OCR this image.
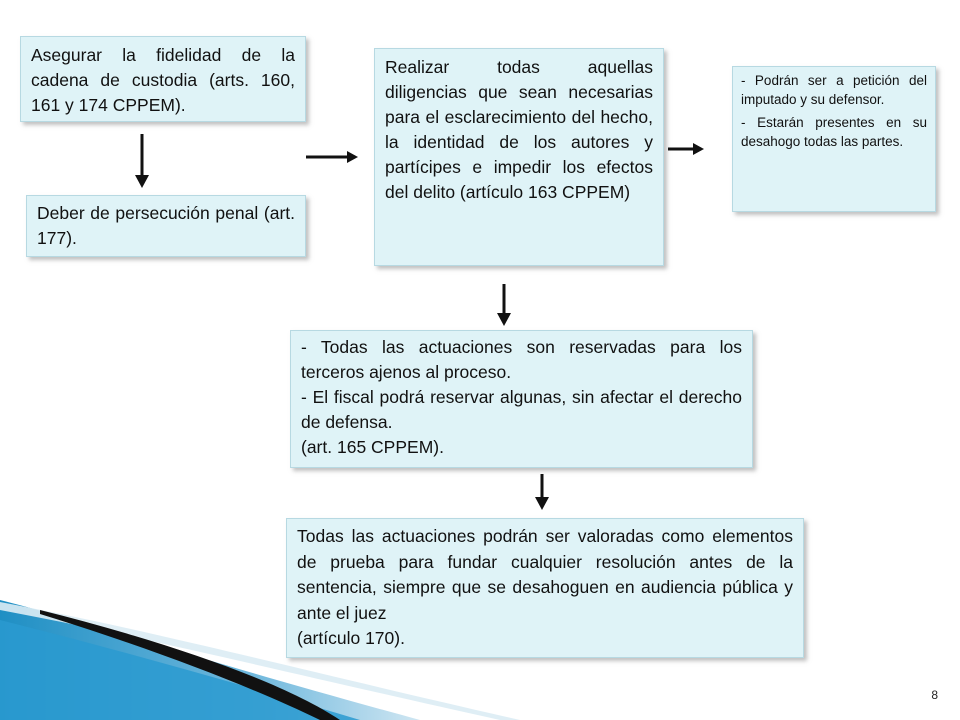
Asegurar la fidelidad de la cadena de custodia (arts. 160, 161 y 174 CPPEM).

Deber de persecución penal (art. 177).

Realizar todas aquellas diligencias que sean necesarias para el esclarecimiento del hecho, la identidad de los autores y partícipes e impedir los efectos del delito (artículo 163 CPPEM)

- Podrán ser a petición del imputado y su defensor.

- Estarán presentes en su desahogo todas las partes.

- Todas las actuaciones son reservadas para los terceros ajenos al proceso.

- El fiscal podrá reservar algunas, sin afectar el derecho de defensa.

(art. 165 CPPEM).

Todas las actuaciones podrán ser valoradas como elementos de prueba para fundar cualquier resolución antes de la sentencia, siempre que se desahoguen en audiencia pública y ante el juez

(artículo 170).

8
